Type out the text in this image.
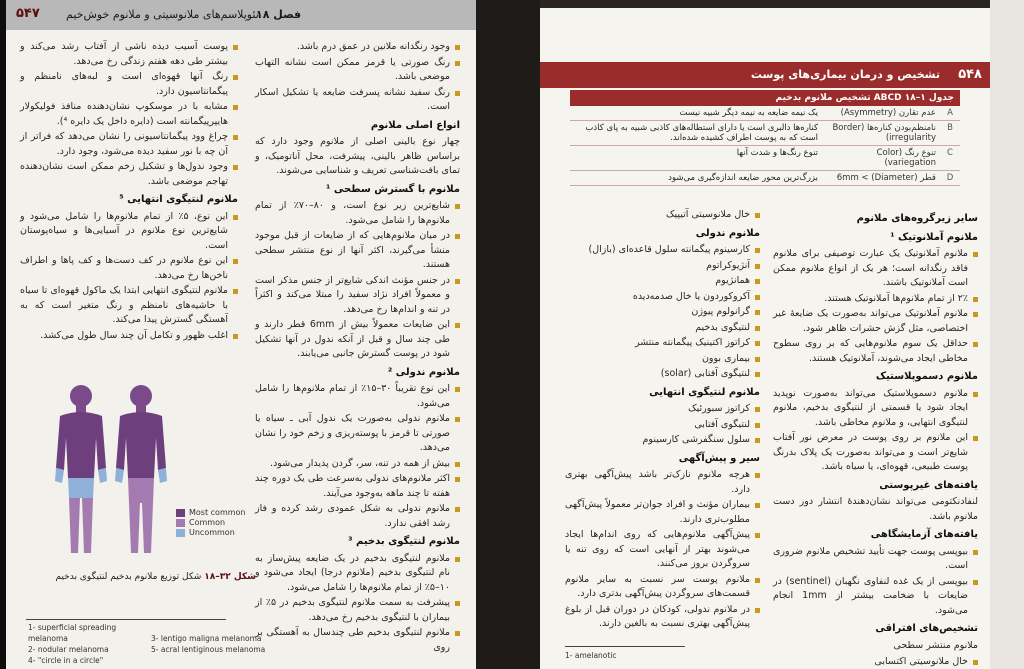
۵۴۷ نئوپلاسم‌های ملانوسیتی و ملانوم خوش‌خیم
فصل ۱۸
وجود رنگدانه ملانین در عمق درم باشد.
رنگ صورتی یا قرمز ممکن است نشانه التهاب موضعی باشد.
رنگ سفید نشانه پسرفت ضایعه یا تشکیل اسکار است.
انواع اصلی ملانوم

چهار نوع بالینی اصلی از ملانوم وجود دارد که براساس ظاهر بالینی، پیشرفت، محل آناتومیک، و تمای بافت‌شناسی تعریف و شناسایی می‌شوند.

ملانوم با گسترش سطحی ¹
شایع‌ترین زیر نوع است، و ۸۰–۷۰٪ از تمام ملانوم‌ها را شامل می‌شود.
در میان ملانوم‌هایی که از ضایعات از قبل موجود منشأ می‌گیرند، اکثر آنها از نوع منتشر سطحی هستند.
در جنس مؤنث اندکی شایع‌تر از جنس مذکر است و معمولاً افراد نژاد سفید را مبتلا می‌کند و اکثراً در تنه و اندام‌ها رخ می‌دهد.
این ضایعات معمولاً بیش از 6mm قطر دارند و طی چند سال و قبل از آنکه ندول در آنها تشکیل شود در پوست گسترش جانبی می‌یابند.
ملانوم ندولی ²
این نوع تقریباً ۳۰–۱۵٪ از تمام ملانوم‌ها را شامل می‌شود.
ملانوم ندولی به‌صورت یک ندول آبی ـ سیاه یا صورتی تا قرمز با پوسته‌ریزی و زخم خود را نشان می‌دهد.
بیش از همه در تنه، سر، گردن پدیدار می‌شود.
اکثر ملانوم‌های ندولی به‌سرعت طی یک دوره چند هفته تا چند ماهه به‌وجود می‌آیند.
ملانوم ندولی به شکل عمودی رشد کرده و فاز رشد افقی ندارد.
ملانوم لنتیگوی بدخیم ³
ملانوم لنتیگوی بدخیم در یک ضایعه پیش‌ساز به نام لنتیگوی بدخیم (ملانوم درجا) ایجاد می‌شود و ۱۰–۵٪ از تمام ملانوم‌ها را شامل می‌شود.
پیشرفت به سمت ملانوم لنتیگوی بدخیم در ۵٪ از بیماران با لنتیگوی بدخیم رخ می‌دهد.
ملانوم لنتیگوی بدخیم طی چندسال به آهستگی بر روی
پوست آسیب دیده ناشی از آفتاب رشد می‌کند و بیشتر طی دهه هفتم زندگی رخ می‌دهد.
رنگ آنها قهوه‌ای است و لبه‌های نامنظم و پیگمانتاسیون دارد.
مشابه با در موسکوپ نشان‌دهنده منافذ فولیکولار هایپرپیگمانته است (دایره داخل یک دایره ⁴).
چراغ وود پیگمانتاسیونی را نشان می‌دهد که فراتر از آن چه با نور سفید دیده می‌شود، وجود دارد.
وجود ندول‌ها و تشکیل زخم ممکن است نشان‌دهنده تهاجم موضعی باشد.
ملانوم لنتیگوی انتهایی ⁵
این نوع، ۵٪ از تمام ملانوم‌ها را شامل می‌شود و شایع‌ترین نوع ملانوم در آسیایی‌ها و سیاه‌پوستان است.
این نوع ملانوم در کف دست‌ها و کف پاها و اطراف ناخن‌ها رخ می‌دهد.
ملانوم لنتیگوی انتهایی ابتدا یک ماکول قهوه‌ای تا سیاه با حاشیه‌های نامنظم و رنگ متغیر است که به آهستگی گسترش پیدا می‌کند.
اغلب ظهور و تکامل آن چند سال طول می‌کشد.
Most common
Common
Uncommon
شکل ۳۲–۱۸ شکل توزیع ملانوم بدخیم لنتیگوی بدخیم
1- superficial spreading melanoma
2- nodular melanoma
4- "circle in a circle"
3- lentigo maligna melanoma
5- acral lentiginous melanoma
۵۴۸
تشخیص و درمان بیماری‌های پوست
جدول ۱–۱۸ ABCD تشخیص ملانوم بدخیم
A	عدم تقارن (Asymmetry)	یک نیمه ضایعه به نیمه دیگر شبیه نیست
B	نامنظم‌بودن کناره‌ها (Border irregularity)	کناره‌ها دالبری است یا دارای استطاله‌های کاذبی شبیه به پای کاذب است که به پوست اطراف کشیده شده‌اند.
C	تنوع رنگ (Color variegation)	تنوع رنگ‌ها و شدت آنها
D	قطر (Diameter) > 6mm	بزرگ‌ترین محور ضایعه اندازه‌گیری می‌شود
سایر زیرگروه‌های ملانوم
ملانوم آملانوتیک ¹
ملانوم آملانوتیک یک عبارت توصیفی برای ملانوم فاقد رنگدانه است؛ هر یک از انواع ملانوم ممکن است آملانوتیک باشند.
۲٪ از تمام ملانوم‌ها آملانوتیک هستند.
ملانوم آملانوتیک می‌تواند به‌صورت یک ضایعهٔ غیر اختصاصی، مثل گزش حشرات ظاهر شود.
حداقل یک سوم ملانوم‌هایی که بر روی سطوح مخاطی ایجاد می‌شوند، آملانوتیک هستند.
ملانوم دسموپلاستیک
ملانوم دسموپلاستیک می‌تواند به‌صورت نوپدید ایجاد شود یا قسمتی از لنتیگوی بدخیم، ملانوم لنتیگوی انتهایی، و ملانوم مخاطی باشد.
این ملانوم بر روی پوست در معرض نور آفتاب شایع‌تر است و می‌تواند به‌صورت یک پلاک بدرنگ پوست طبیعی، قهوه‌ای، یا سیاه باشد.
یافته‌های غیرپوستی

لنفادنکتومی می‌تواند نشان‌دهندهٔ انتشار دور دست ملانوم باشد.

یافته‌های آزمایشگاهی
بیوپسی پوست جهت تأیید تشخیص ملانوم ضروری است.
بیوپسی از یک غده لنفاوی نگهبان (sentinel) در ضایعات با ضخامت بیشتر از 1mm انجام می‌شود.
تشخیص‌های افتراقی

ملانوم منتشر سطحی

خال ملانوسیتی اکتسابی
خال ملانوسیتی آتیپیک
ملانوم ندولی
کارسینوم پیگمانته سلول قاعده‌ای (بازال)
آنژیوکراتوم
همانژیوم
آکروکوردون یا خال صدمه‌دیده
گرانولوم پیوژن
لنتیگوی بدخیم
کراتوز اکتینیک پیگمانته منتشر
بیماری بوون
لنتیگوی آفتابی (solar)
ملانوم لنتیگوی انتهایی
کراتوز سبورئیک
لنتیگوی آفتابی
سلول سنگفرشی کارسینوم
سیر و پیش‌آگهی
هرچه ملانوم نازک‌تر باشد پیش‌آگهی بهتری دارد.
بیماران مؤنث و افراد جوان‌تر معمولاً پیش‌آگهی مطلوب‌تری دارند.
پیش‌آگهی ملانوم‌هایی که روی اندام‌ها ایجاد می‌شوند بهتر از آنهایی است که روی تنه یا سروگردن بروز می‌کنند.
ملانوم پوست سر نسبت به سایر ملانوم قسمت‌های سروگردن پیش‌آگهی بدتری دارد.
در ملانوم ندولی، کودکان در دوران قبل از بلوغ پیش‌آگهی بهتری نسبت به بالغین دارند.
1- amelanotic
